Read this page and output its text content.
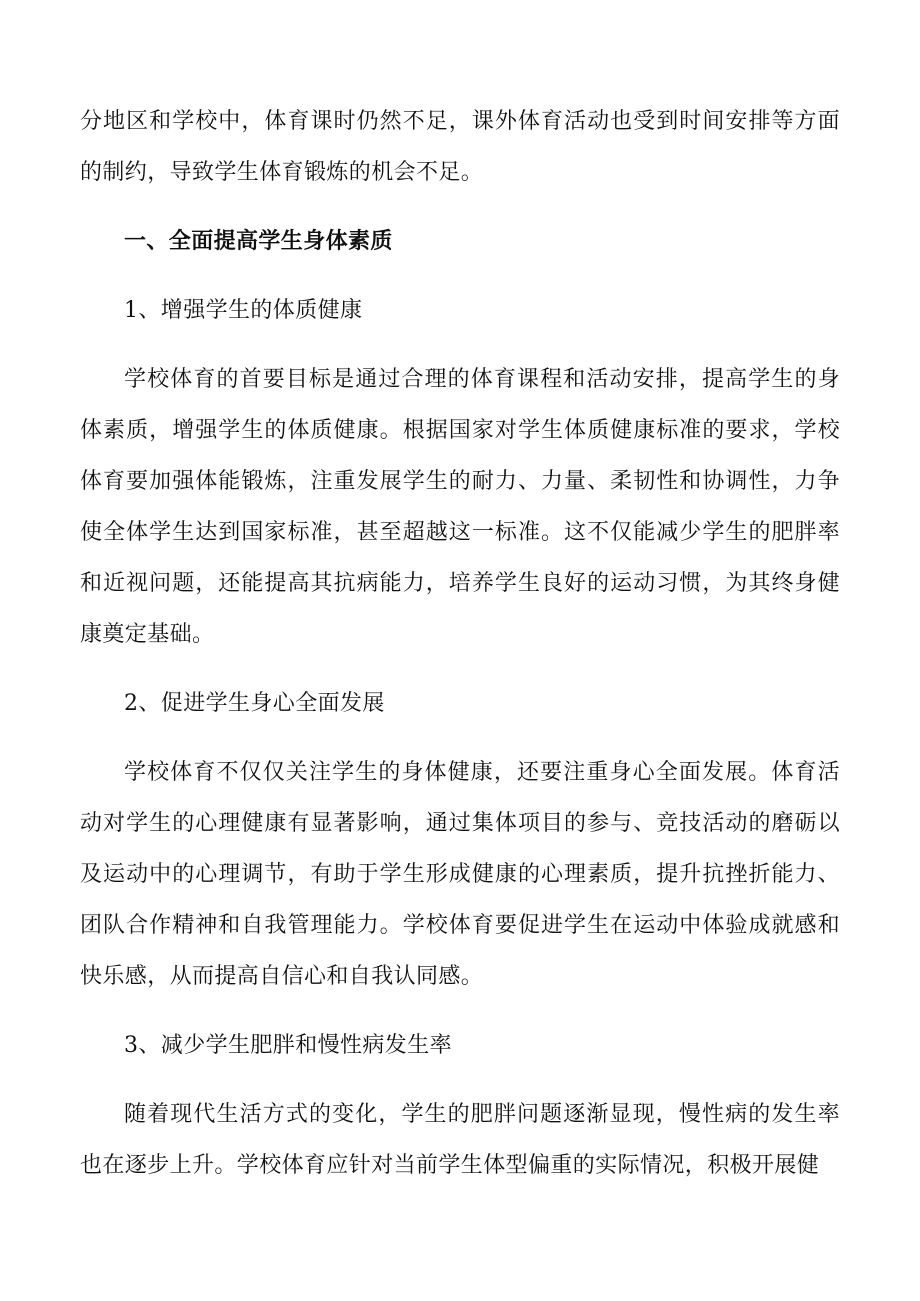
分地区和学校中，体育课时仍然不足，课外体育活动也受到时间安排等方面的制约，导致学生体育锻炼的机会不足。

一、全面提高学生身体素质

1、增强学生的体质健康

学校体育的首要目标是通过合理的体育课程和活动安排，提高学生的身体素质，增强学生的体质健康。根据国家对学生体质健康标准的要求，学校体育要加强体能锻炼，注重发展学生的耐力、力量、柔韧性和协调性，力争使全体学生达到国家标准，甚至超越这一标准。这不仅能减少学生的肥胖率和近视问题，还能提高其抗病能力，培养学生良好的运动习惯，为其终身健康奠定基础。

2、促进学生身心全面发展

学校体育不仅仅关注学生的身体健康，还要注重身心全面发展。体育活动对学生的心理健康有显著影响，通过集体项目的参与、竞技活动的磨砺以及运动中的心理调节，有助于学生形成健康的心理素质，提升抗挫折能力、团队合作精神和自我管理能力。学校体育要促进学生在运动中体验成就感和快乐感，从而提高自信心和自我认同感。

3、减少学生肥胖和慢性病发生率

随着现代生活方式的变化，学生的肥胖问题逐渐显现，慢性病的发生率也在逐步上升。学校体育应针对当前学生体型偏重的实际情况，积极开展健
